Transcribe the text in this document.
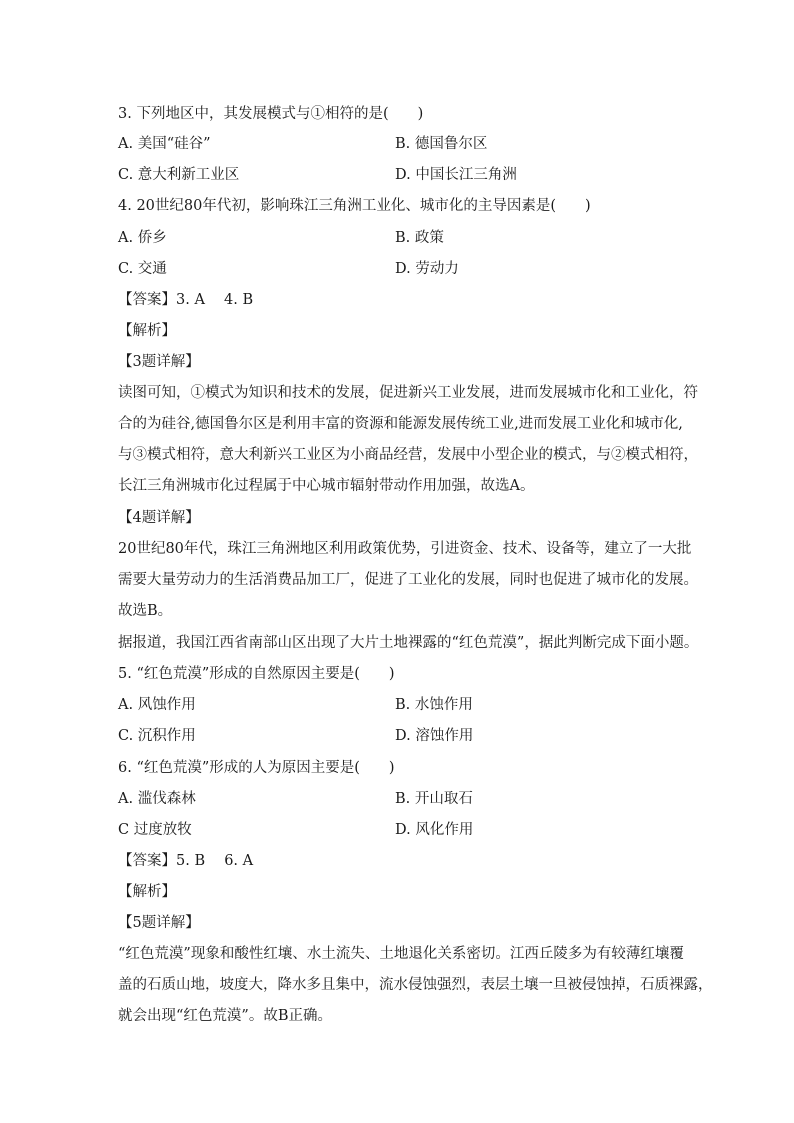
3. 下列地区中，其发展模式与①相符的是(　　)
A. 美国“硅谷”	B. 德国鲁尔区
C. 意大利新工业区	D. 中国长江三角洲
4. 20世纪80年代初，影响珠江三角洲工业化、城市化的主导因素是(　　)
A. 侨乡	B. 政策
C. 交通	D. 劳动力
【答案】3. A　 4. B
【解析】
【3题详解】
读图可知，①模式为知识和技术的发展，促进新兴工业发展，进而发展城市化和工业化，符
合的为硅谷,德国鲁尔区是利用丰富的资源和能源发展传统工业,进而发展工业化和城市化,
与③模式相符，意大利新兴工业区为小商品经营，发展中小型企业的模式，与②模式相符，
长江三角洲城市化过程属于中心城市辐射带动作用加强，故选A。
【4题详解】
20世纪80年代，珠江三角洲地区利用政策优势，引进资金、技术、设备等，建立了一大批
需要大量劳动力的生活消费品加工厂，促进了工业化的发展，同时也促进了城市化的发展。
故选B。
据报道，我国江西省南部山区出现了大片土地裸露的“红色荒漠”，据此判断完成下面小题。
5. “红色荒漠”形成的自然原因主要是(　　)
A. 风蚀作用	B. 水蚀作用
C. 沉积作用	D. 溶蚀作用
6. “红色荒漠”形成的人为原因主要是(　　)
A. 滥伐森林	B. 开山取石
C 过度放牧	D. 风化作用
【答案】5. B　 6. A
【解析】
【5题详解】
“红色荒漠”现象和酸性红壤、水土流失、土地退化关系密切。江西丘陵多为有较薄红壤覆
盖的石质山地，坡度大，降水多且集中，流水侵蚀强烈，表层土壤一旦被侵蚀掉，石质裸露，
就会出现“红色荒漠”。故B正确。
